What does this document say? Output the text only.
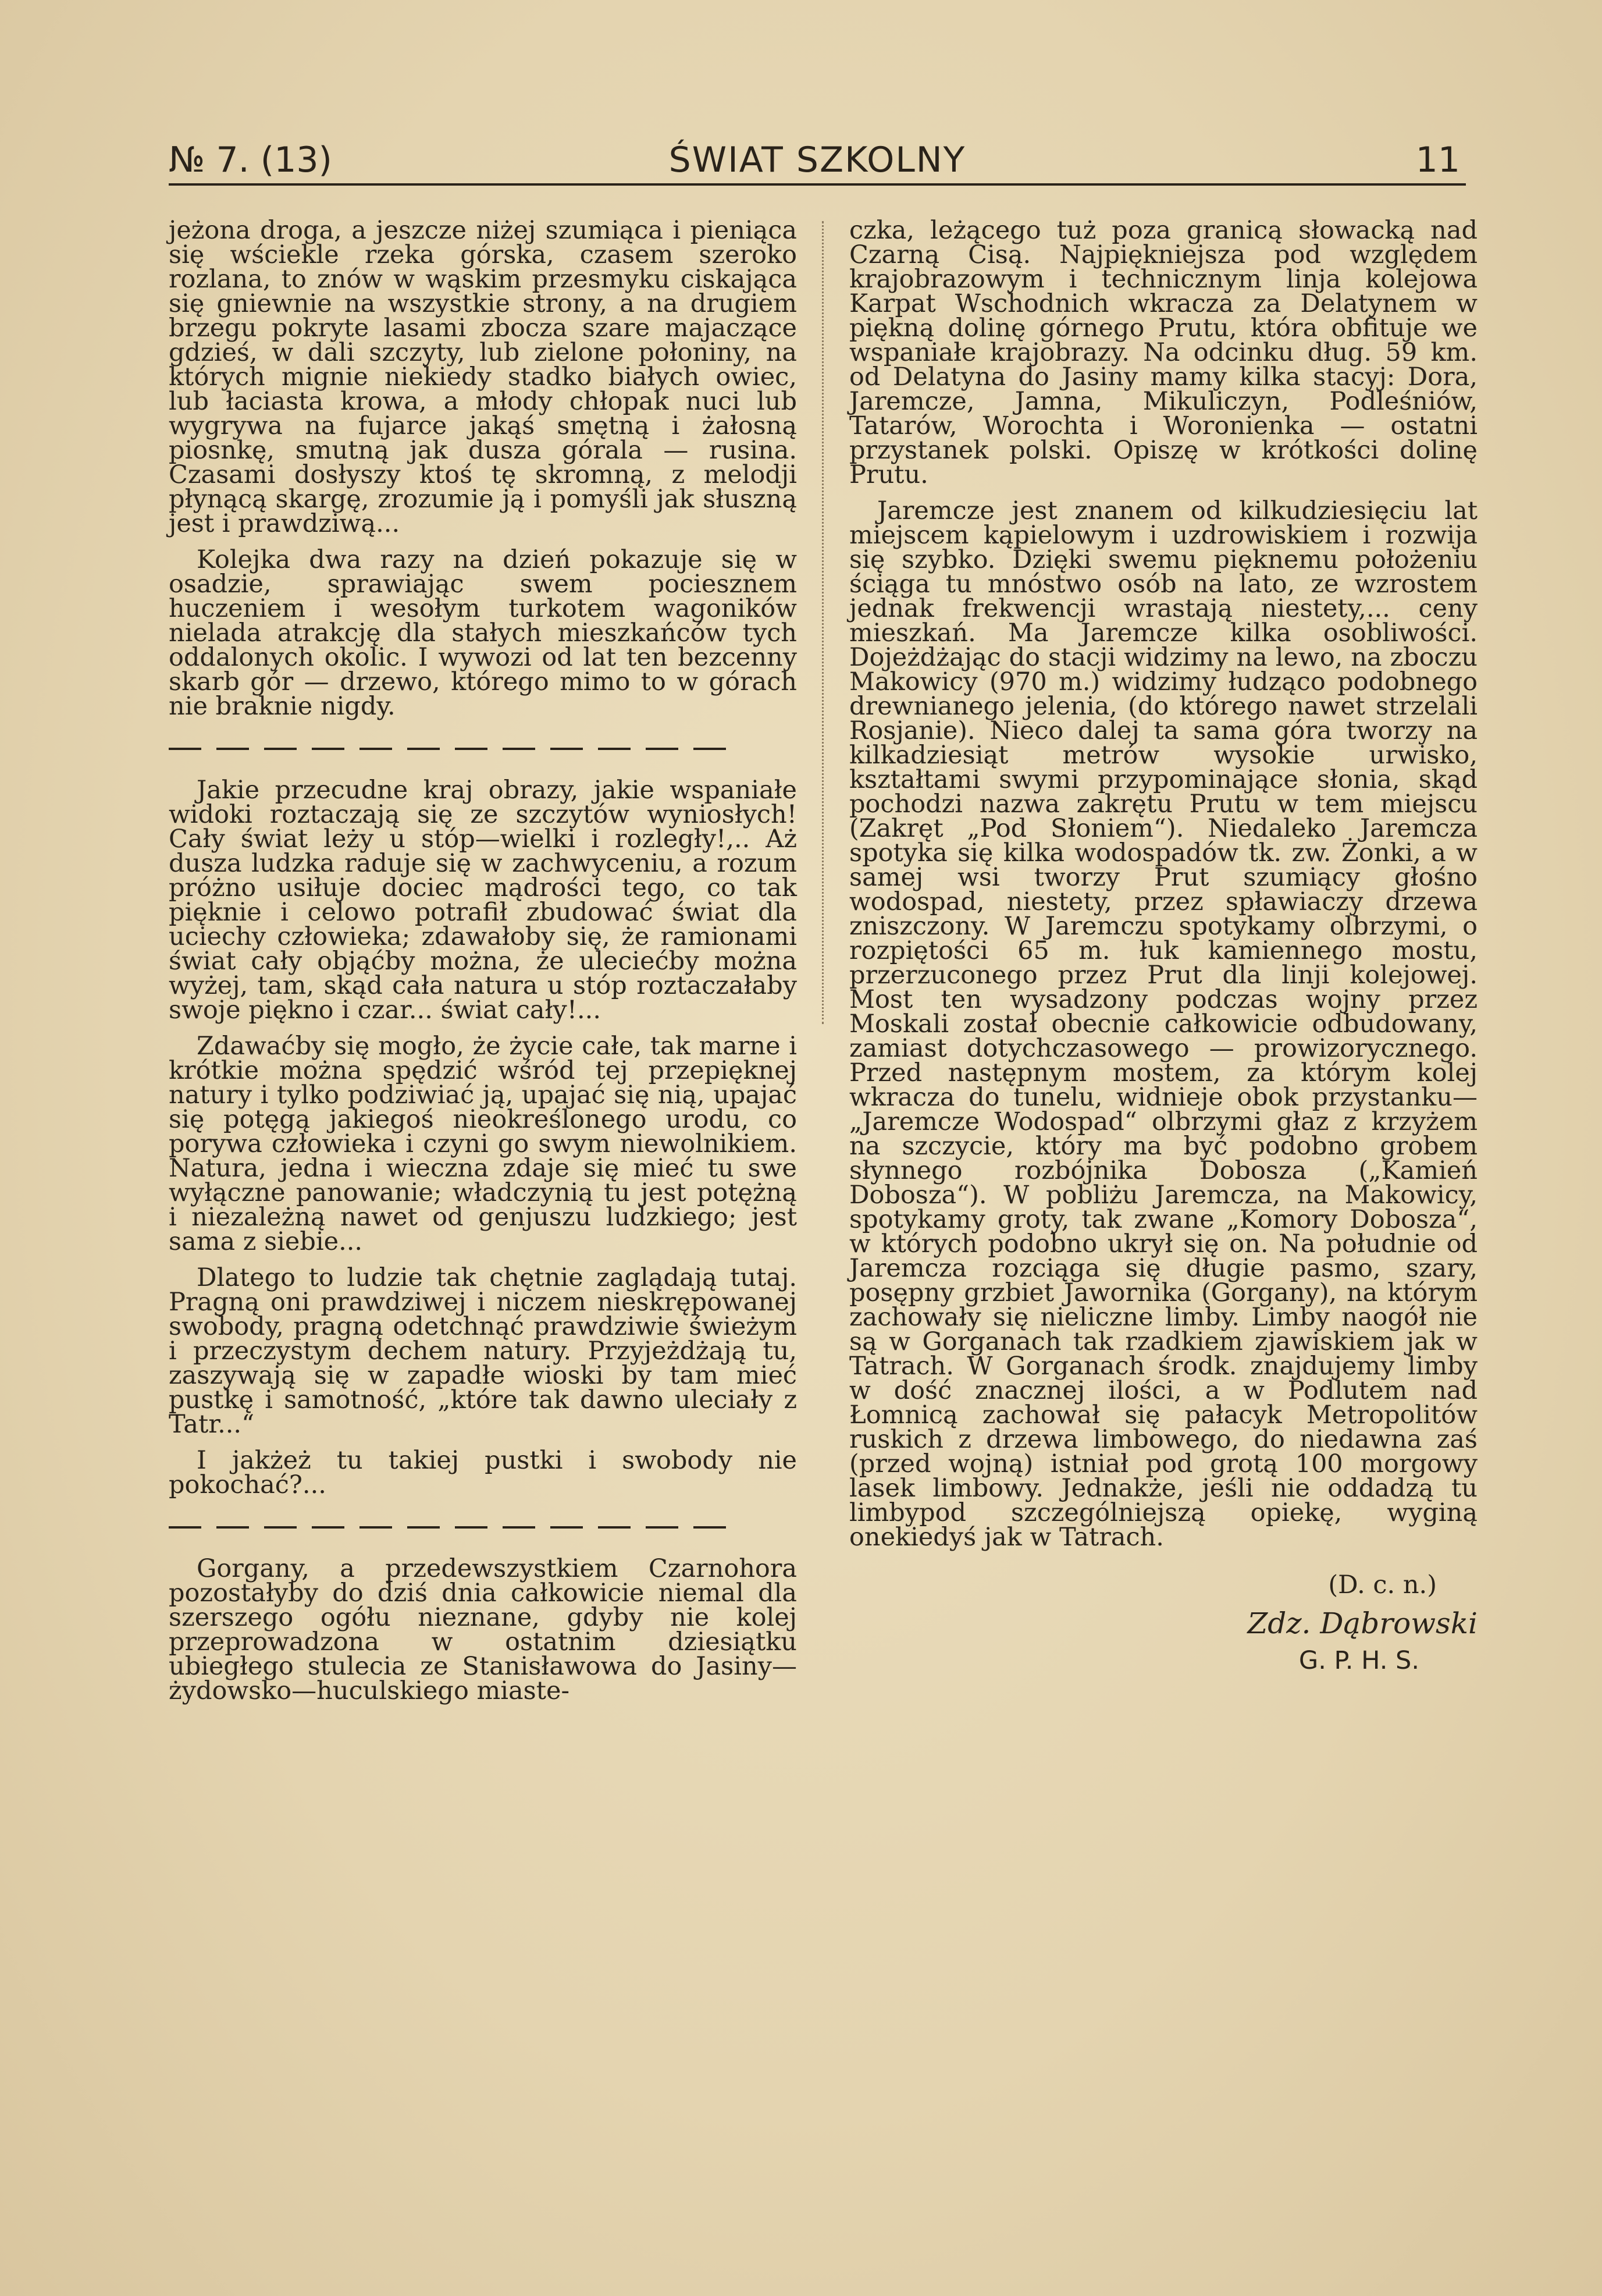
№ 7. (13)	ŚWIAT SZKOLNY	11

jeżona droga, a jeszcze niżej szumiąca i pieniąca się wściekle rzeka górska, czasem szeroko rozlana, to znów w wąskim przesmyku ciskająca się gniewnie na wszystkie strony, a na drugiem brzegu pokryte lasami zbocza szare majaczące gdzieś, w dali szczyty, lub zielone połoniny, na których mignie niekiedy stadko białych owiec, lub łaciasta krowa, a młody chłopak nuci lub wygrywa na fujarce jakąś smętną i żałosną piosnkę, smutną jak dusza górala — rusina. Czasami dosłyszy ktoś tę skromną, z melodji płynącą skargę, zrozumie ją i pomyśli jak słuszną jest i prawdziwą...

Kolejka dwa razy na dzień pokazuje się w osadzie, sprawiając swem pociesznem huczeniem i wesołym turkotem wagoników nielada atrakcję dla stałych mieszkańców tych oddalonych okolic. I wywozi od lat ten bezcenny skarb gór — drzewo, którego mimo to w górach nie braknie nigdy.

Jakie przecudne kraj obrazy, jakie wspaniałe widoki roztaczają się ze szczytów wyniosłych! Cały świat leży u stóp—wielki i rozległy!,.. Aż dusza ludzka raduje się w zachwyceniu, a rozum próżno usiłuje dociec mądrości tego, co tak pięknie i celowo potrafił zbudować świat dla uciechy człowieka; zdawałoby się, że ramionami świat cały objąćby można, że uleciećby można wyżej, tam, skąd cała natura u stóp roztaczałaby swoje piękno i czar... świat cały!...

Zdawaćby się mogło, że życie całe, tak marne i krótkie można spędzić wśród tej przepięknej natury i tylko podziwiać ją, upajać się nią, upajać się potęgą jakiegoś nieokreślonego urodu, co porywa człowieka i czyni go swym niewolnikiem. Natura, jedna i wieczna zdaje się mieć tu swe wyłączne panowanie; władczynią tu jest potężną i niezależną nawet od genjuszu ludzkiego; jest sama z siebie...

Dlatego to ludzie tak chętnie zaglądają tutaj. Pragną oni prawdziwej i niczem nieskrępowanej swobody, pragną odetchnąć prawdziwie świeżym i przeczystym dechem natury. Przyjeżdżają tu, zaszywają się w zapadłe wioski by tam mieć pustkę i samotność, „które tak dawno uleciały z Tatr...“

I jakżeż tu takiej pustki i swobody nie pokochać?...

Gorgany, a przedewszystkiem Czarnohora pozostałyby do dziś dnia całkowicie niemal dla szerszego ogółu nieznane, gdyby nie kolej przeprowadzona w ostatnim dziesiątku ubiegłego stulecia ze Stanisławowa do Jasiny—żydowsko—huculskiego miaste-

czka, leżącego tuż poza granicą słowacką nad Czarną Cisą. Najpiękniejsza pod względem krajobrazowym i technicznym linja kolejowa Karpat Wschodnich wkracza za Delatynem w piękną dolinę górnego Prutu, która obfituje we wspaniałe krajobrazy. Na odcinku dług. 59 km. od Delatyna do Jasiny mamy kilka stacyj: Dora, Jaremcze, Jamna, Mikuliczyn, Podleśniów, Tatarów, Worochta i Woronienka — ostatni przystanek polski. Opiszę w krótkości dolinę Prutu.

Jaremcze jest znanem od kilkudziesięciu lat miejscem kąpielowym i uzdrowiskiem i rozwija się szybko. Dzięki swemu pięknemu położeniu ściąga tu mnóstwo osób na lato, ze wzrostem jednak frekwencji wrastają niestety,... ceny mieszkań. Ma Jaremcze kilka osobliwości. Dojeżdżając do stacji widzimy na lewo, na zboczu Makowicy (970 m.) widzimy łudząco podobnego drewnianego jelenia, (do którego nawet strzelali Rosjanie). Nieco dalej ta sama góra tworzy na kilkadziesiąt metrów wysokie urwisko, kształtami swymi przypominające słonia, skąd pochodzi nazwa zakrętu Prutu w tem miejscu (Zakręt „Pod Słoniem“). Niedaleko Jaremcza spotyka się kilka wodospadów tk. zw. Żonki, a w samej wsi tworzy Prut szumiący głośno wodospad, niestety, przez spławiaczy drzewa zniszczony. W Jaremczu spotykamy olbrzymi, o rozpiętości 65 m. łuk kamiennego mostu, przerzuconego przez Prut dla linji kolejowej. Most ten wysadzony podczas wojny przez Moskali został obecnie całkowicie odbudowany, zamiast dotychczasowego — prowizorycznego. Przed następnym mostem, za którym kolej wkracza do tunelu, widnieje obok przystanku—„Jaremcze Wodospad“ olbrzymi głaz z krzyżem na szczycie, który ma być podobno grobem słynnego rozbójnika Dobosza („Kamień Dobosza“). W pobliżu Jaremcza, na Makowicy, spotykamy groty, tak zwane „Komory Dobosza“, w których podobno ukrył się on. Na południe od Jaremcza rozciąga się długie pasmo, szary, posępny grzbiet Jawornika (Gorgany), na którym zachowały się nieliczne limby. Limby naogół nie są w Gorganach tak rzadkiem zjawiskiem jak w Tatrach. W Gorganach środk. znajdujemy limby w dość znacznej ilości, a w Podlutem nad Łomnicą zachował się pałacyk Metropolitów ruskich z drzewa limbowego, do niedawna zaś (przed wojną) istniał pod grotą 100 morgowy lasek limbowy. Jednakże, jeśli nie oddadzą tu limbypod szczególniejszą opiekę, wyginą onekiedyś jak w Tatrach.

(D. c. n.)
Zdz. Dąbrowski
G. P. H. S.
